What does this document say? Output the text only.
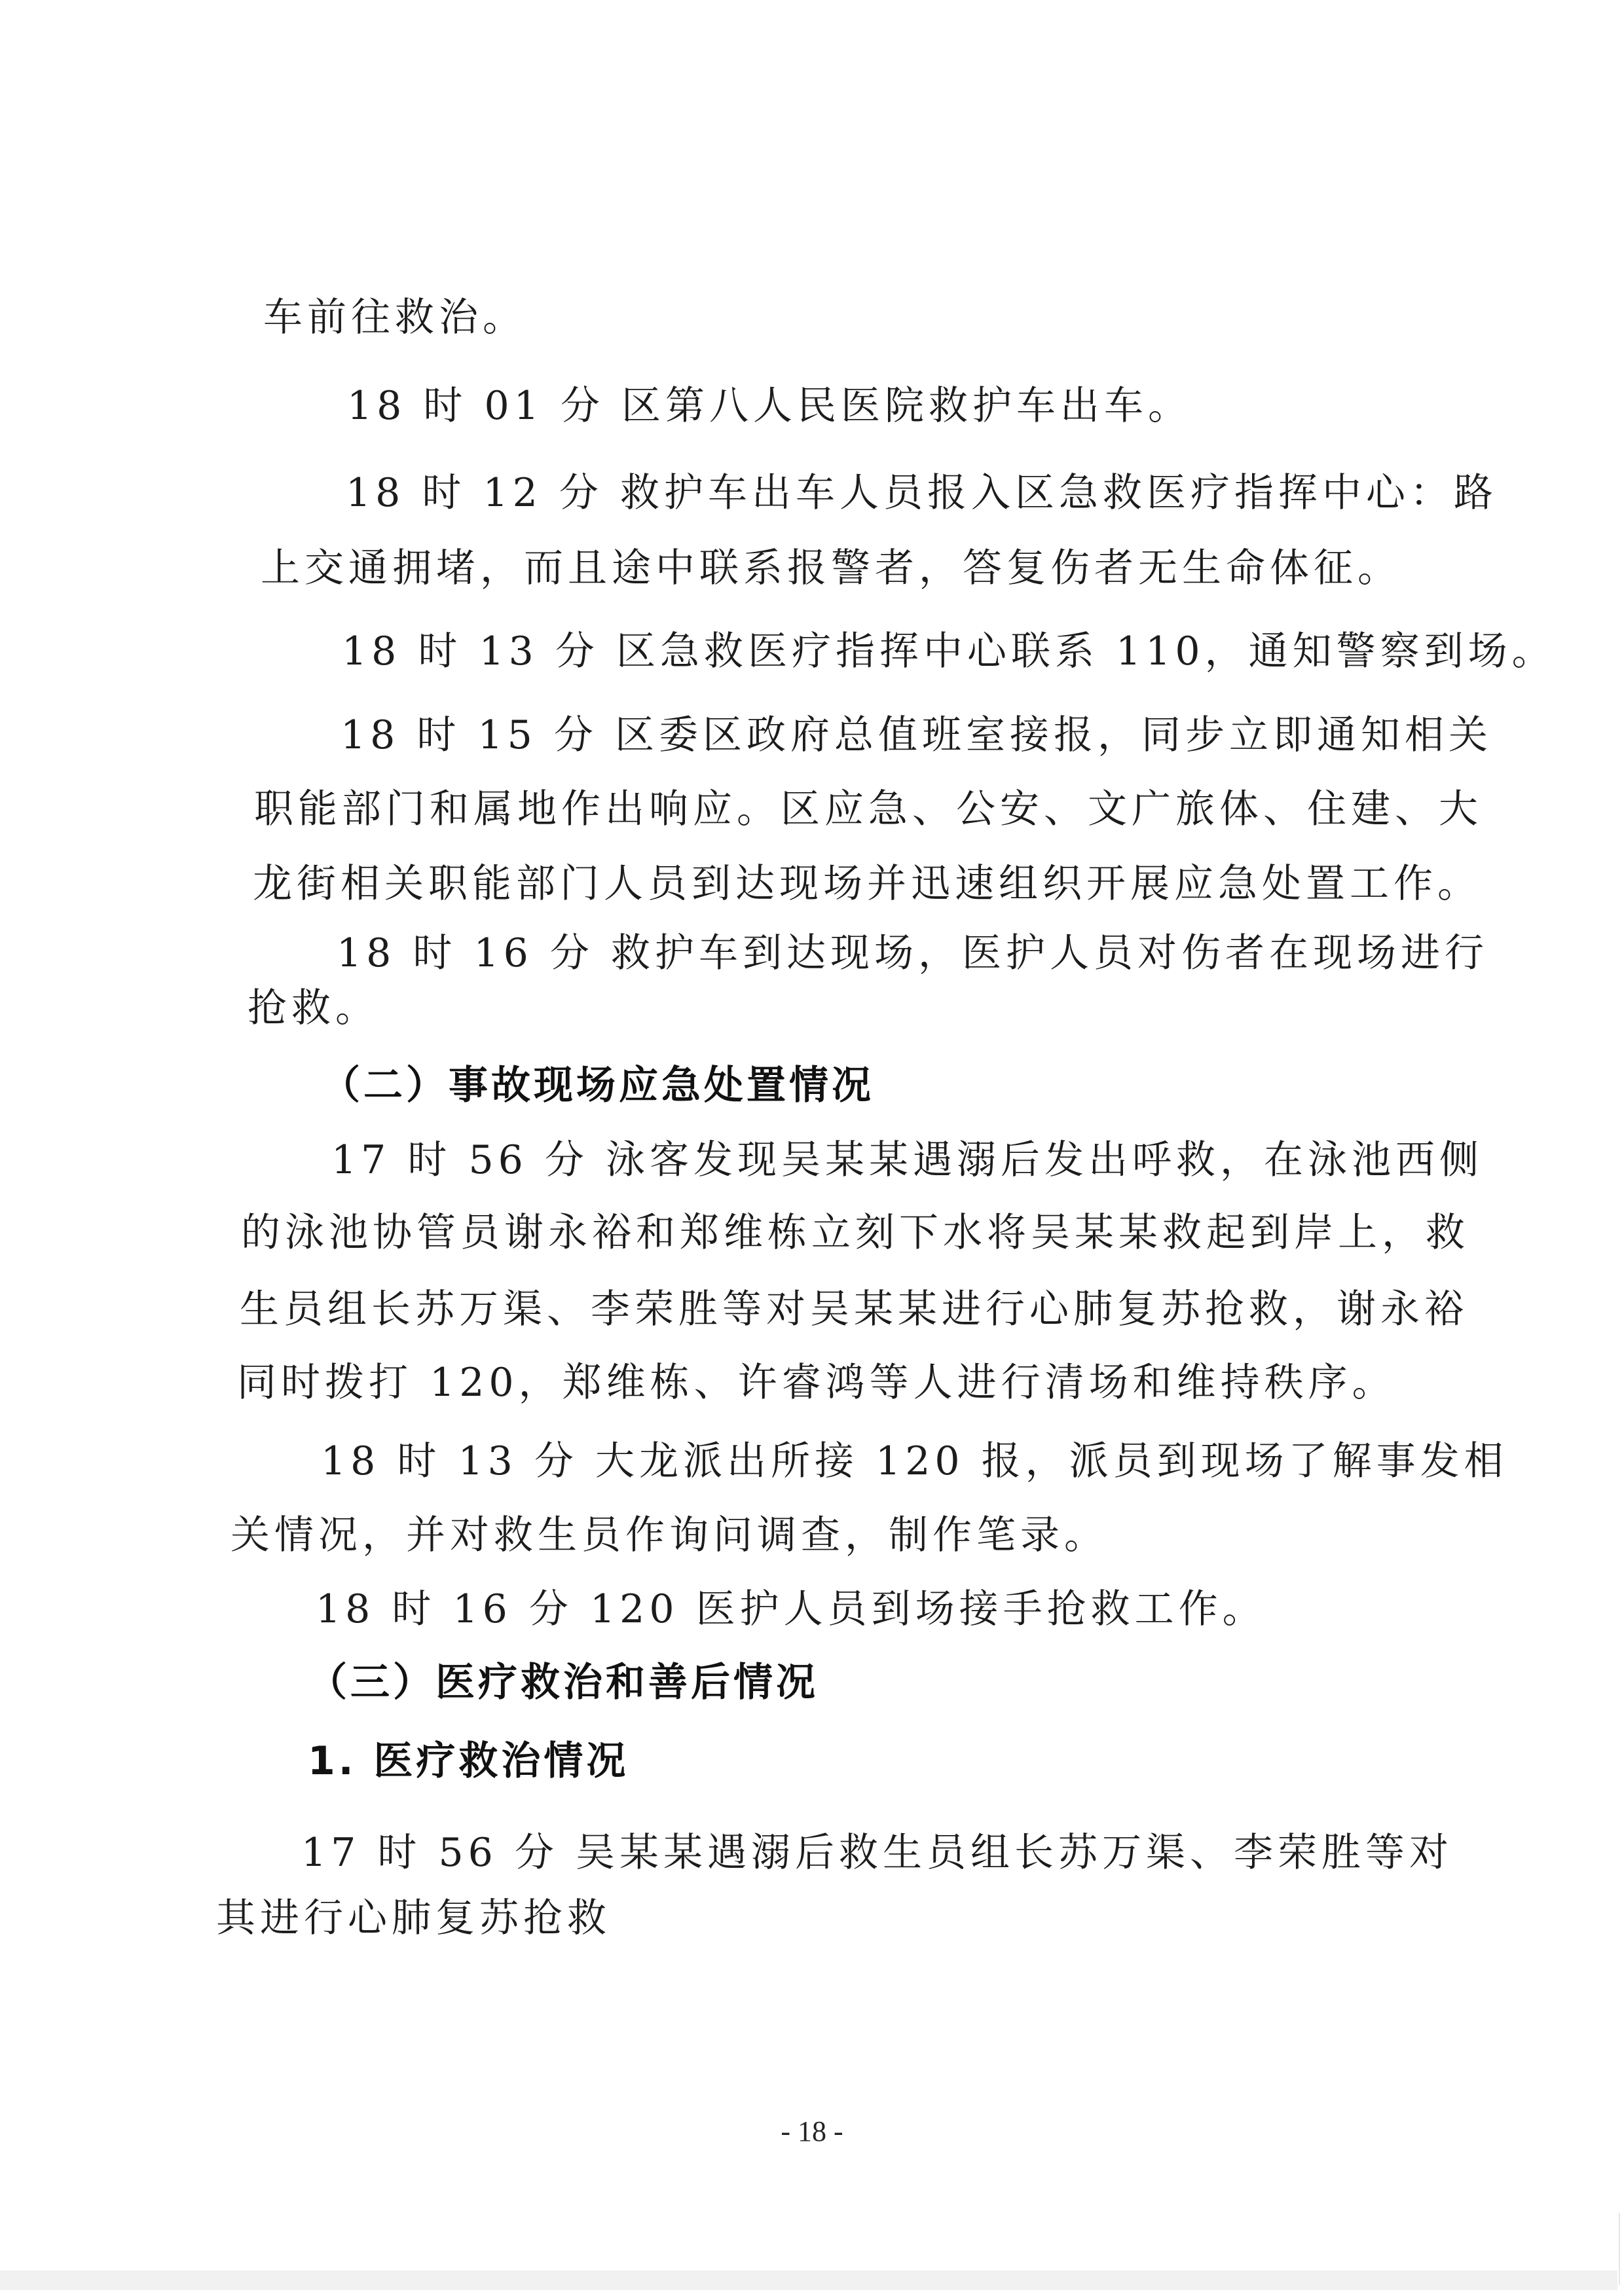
车前往救治。
18 时 01 分 区第八人民医院救护车出车。
18 时 12 分 救护车出车人员报入区急救医疗指挥中心：路
上交通拥堵，而且途中联系报警者，答复伤者无生命体征。
18 时 13 分 区急救医疗指挥中心联系 110，通知警察到场。
18 时 15 分 区委区政府总值班室接报，同步立即通知相关
职能部门和属地作出响应。区应急、公安、文广旅体、住建、大
龙街相关职能部门人员到达现场并迅速组织开展应急处置工作。
18 时 16 分 救护车到达现场，医护人员对伤者在现场进行
抢救。
（二）事故现场应急处置情况
17 时 56 分 泳客发现吴某某遇溺后发出呼救，在泳池西侧
的泳池协管员谢永裕和郑维栋立刻下水将吴某某救起到岸上，救
生员组长苏万渠、李荣胜等对吴某某进行心肺复苏抢救，谢永裕
同时拨打 120，郑维栋、许睿鸿等人进行清场和维持秩序。
18 时 13 分 大龙派出所接 120 报，派员到现场了解事发相
关情况，并对救生员作询问调查，制作笔录。
18 时 16 分 120 医护人员到场接手抢救工作。
（三）医疗救治和善后情况
1. 医疗救治情况
17 时 56 分 吴某某遇溺后救生员组长苏万渠、李荣胜等对
其进行心肺复苏抢救
- 18 -
